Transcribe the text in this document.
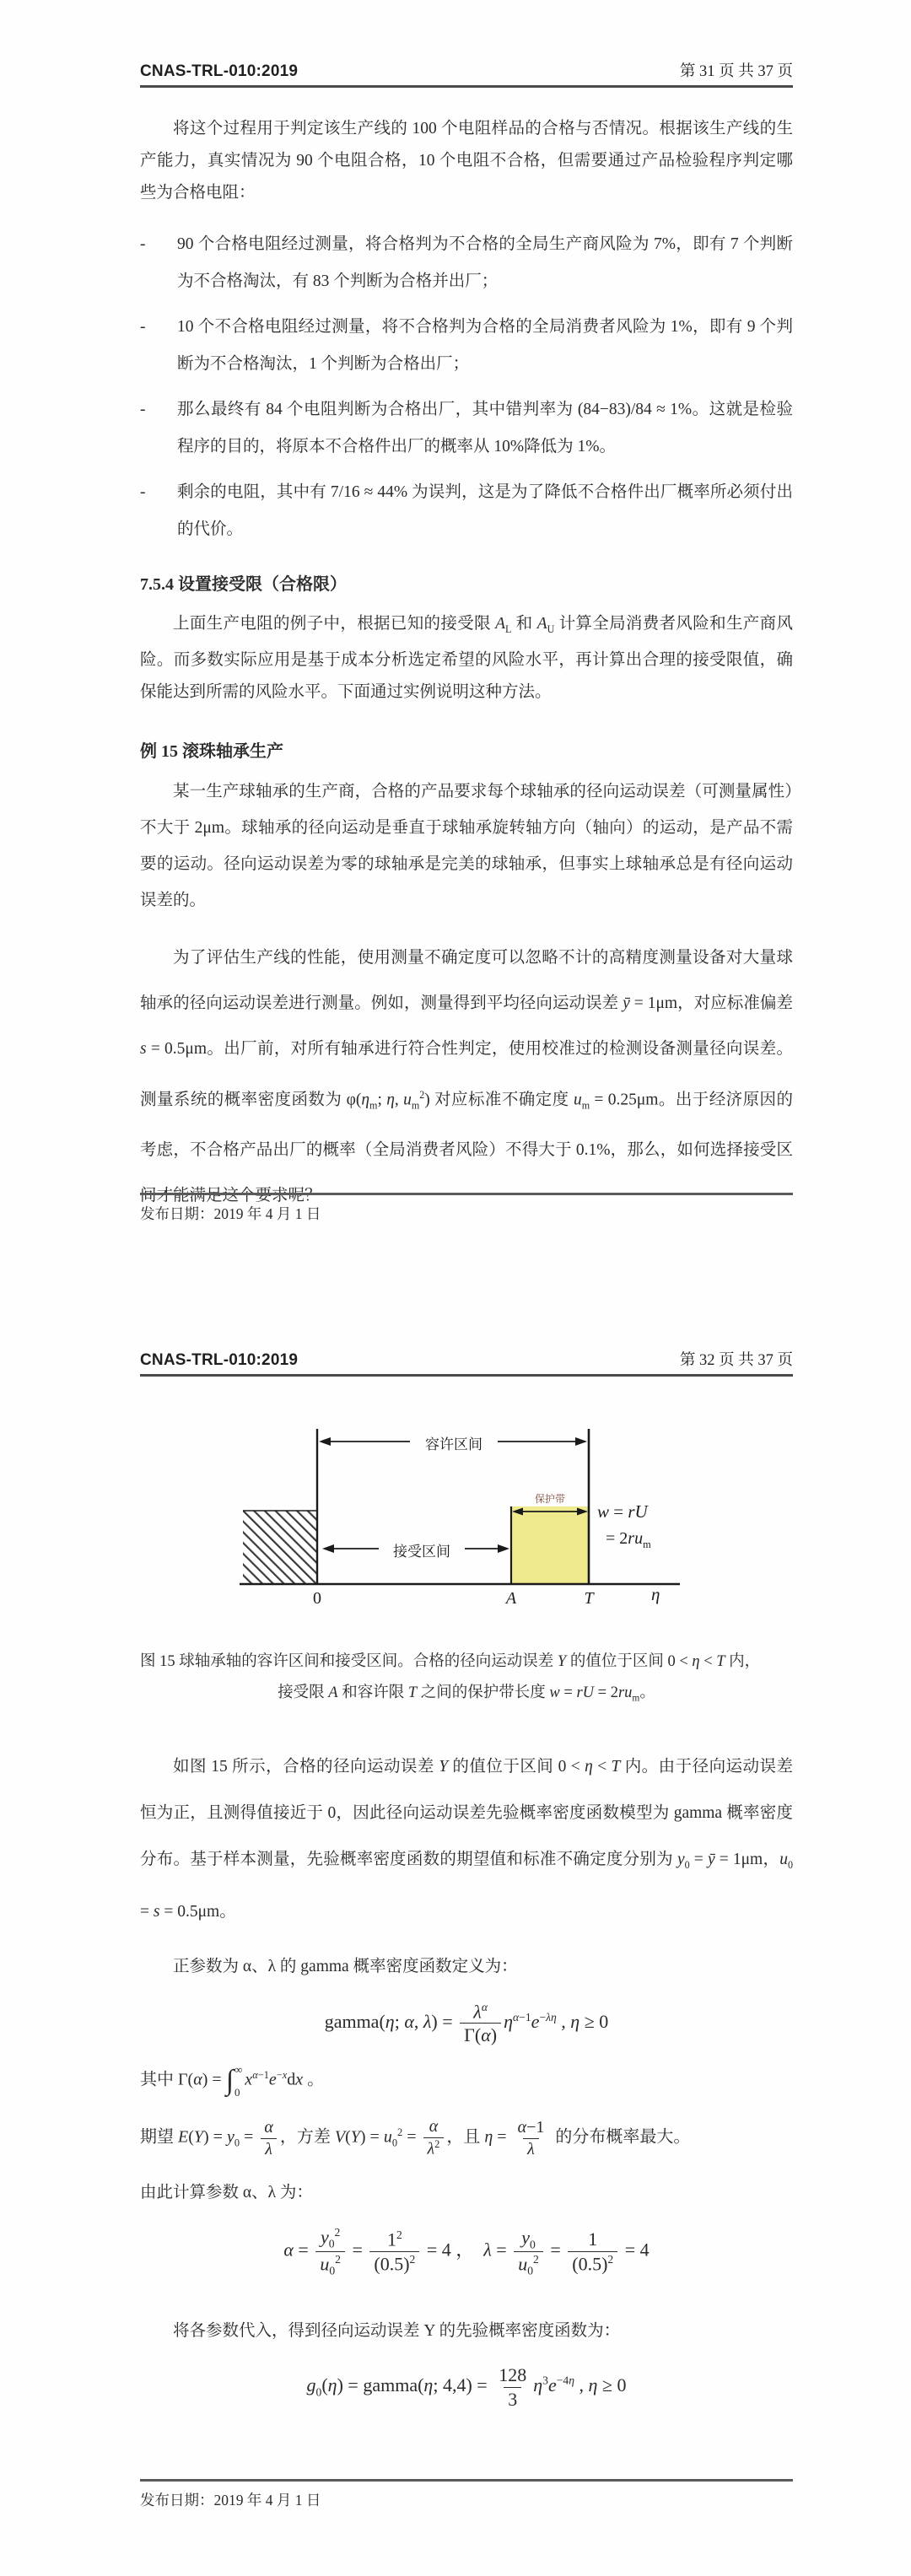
CNAS-TRL-010:2019	第 31 页 共 37 页

将这个过程用于判定该生产线的 100 个电阻样品的合格与否情况。根据该生产线的生产能力，真实情况为 90 个电阻合格，10 个电阻不合格，但需要通过产品检验程序判定哪些为合格电阻：

-	90 个合格电阻经过测量，将合格判为不合格的全局生产商风险为 7%，即有 7 个判断为不合格淘汰，有 83 个判断为合格并出厂；
-	10 个不合格电阻经过测量，将不合格判为合格的全局消费者风险为 1%，即有 9 个判断为不合格淘汰，1 个判断为合格出厂；
-	那么最终有 84 个电阻判断为合格出厂，其中错判率为 (84−83)/84 ≈ 1%。这就是检验程序的目的，将原本不合格件出厂的概率从 10%降低为 1%。
-	剩余的电阻，其中有 7/16 ≈ 44% 为误判，这是为了降低不合格件出厂概率所必须付出的代价。
7.5.4 设置接受限（合格限）

上面生产电阻的例子中，根据已知的接受限 $A_L$ 和 $A_U$ 计算全局消费者风险和生产商风险。而多数实际应用是基于成本分析选定希望的风险水平，再计算出合理的接受限值，确保能达到所需的风险水平。下面通过实例说明这种方法。

例 15 滚珠轴承生产

某一生产球轴承的生产商，合格的产品要求每个球轴承的径向运动误差（可测量属性）不大于 2μm。球轴承的径向运动是垂直于球轴承旋转轴方向（轴向）的运动，是产品不需要的运动。径向运动误差为零的球轴承是完美的球轴承，但事实上球轴承总是有径向运动误差的。

为了评估生产线的性能，使用测量不确定度可以忽略不计的高精度测量设备对大量球轴承的径向运动误差进行测量。例如，测量得到平均径向运动误差 ȳ = 1μm，对应标准偏差 s = 0.5μm。出厂前，对所有轴承进行符合性判定，使用校准过的检测设备测量径向误差。测量系统的概率密度函数为 $\varphi(\eta_m$; η, $u_m^2$) 对应标准不确定度 $u_m = 0.25\mu m$。出于经济原因的考虑，不合格产品出厂的概率（全局消费者风险）不得大于 0.1%，那么，如何选择接受区间才能满足这个要求呢？

发布日期：2019 年 4 月 1 日
CNAS-TRL-010:2019	第 32 页 共 37 页
容许区间
接受区间
保护带
w = rU
= $2ru_m$
0	A	T	η
图 15 球轴承轴的容许区间和接受区间。合格的径向运动误差 Y 的值位于区间 0 < η < T 内，
接受限 A 和容许限 T 之间的保护带长度 w = rU = $2ru_m$。

如图 15 所示，合格的径向运动误差 Y 的值位于区间 0 < η < T 内。由于径向运动误差恒为正，且测得值接近于 0，因此径向运动误差先验概率密度函数模型为 gamma 概率密度分布。基于样本测量，先验概率密度函数的期望值和标准不确定度分别为 $y_0$ = ȳ = 1μm，$u_0 = s = 0.5\mu m$。

正参数为 α、λ 的 gamma 概率密度函数定义为：

gamma(η; α, $\lambda) = \frac{\lambda^\alpha}{\Gamma(\alpha)} \eta^{\alpha-1}e^{-\lambda\eta}$ , η ≥ 0

其中 Γ(α) = ∫ ∞
0
$x^{\alpha-1}e^{-x}dx$ 。

期望 $E(Y) = y_0 = \frac{\alpha}{\lambda}$ ，方差 $V(Y) = u_0^2 = \frac{\alpha}{\lambda^2}$ ，且 $\eta = \frac{\alpha-1}{\lambda}$ 的分布概率最大。

由此计算参数 α、λ 为：

$\alpha = \frac{y_0^2}{u_0^2} = \frac{1^2}{(0.5)^2} = 4$ ，  $\lambda = \frac{y_0}{u_0^2} = \frac{1}{(0.5)^2} = 4$

将各参数代入，得到径向运动误差 Y 的先验概率密度函数为：

$g_0(\eta)$ = gamma(η; $4,4) = \frac{128}{3} \eta^3e^{-4\eta}$ , η ≥ 0
发布日期：2019 年 4 月 1 日
